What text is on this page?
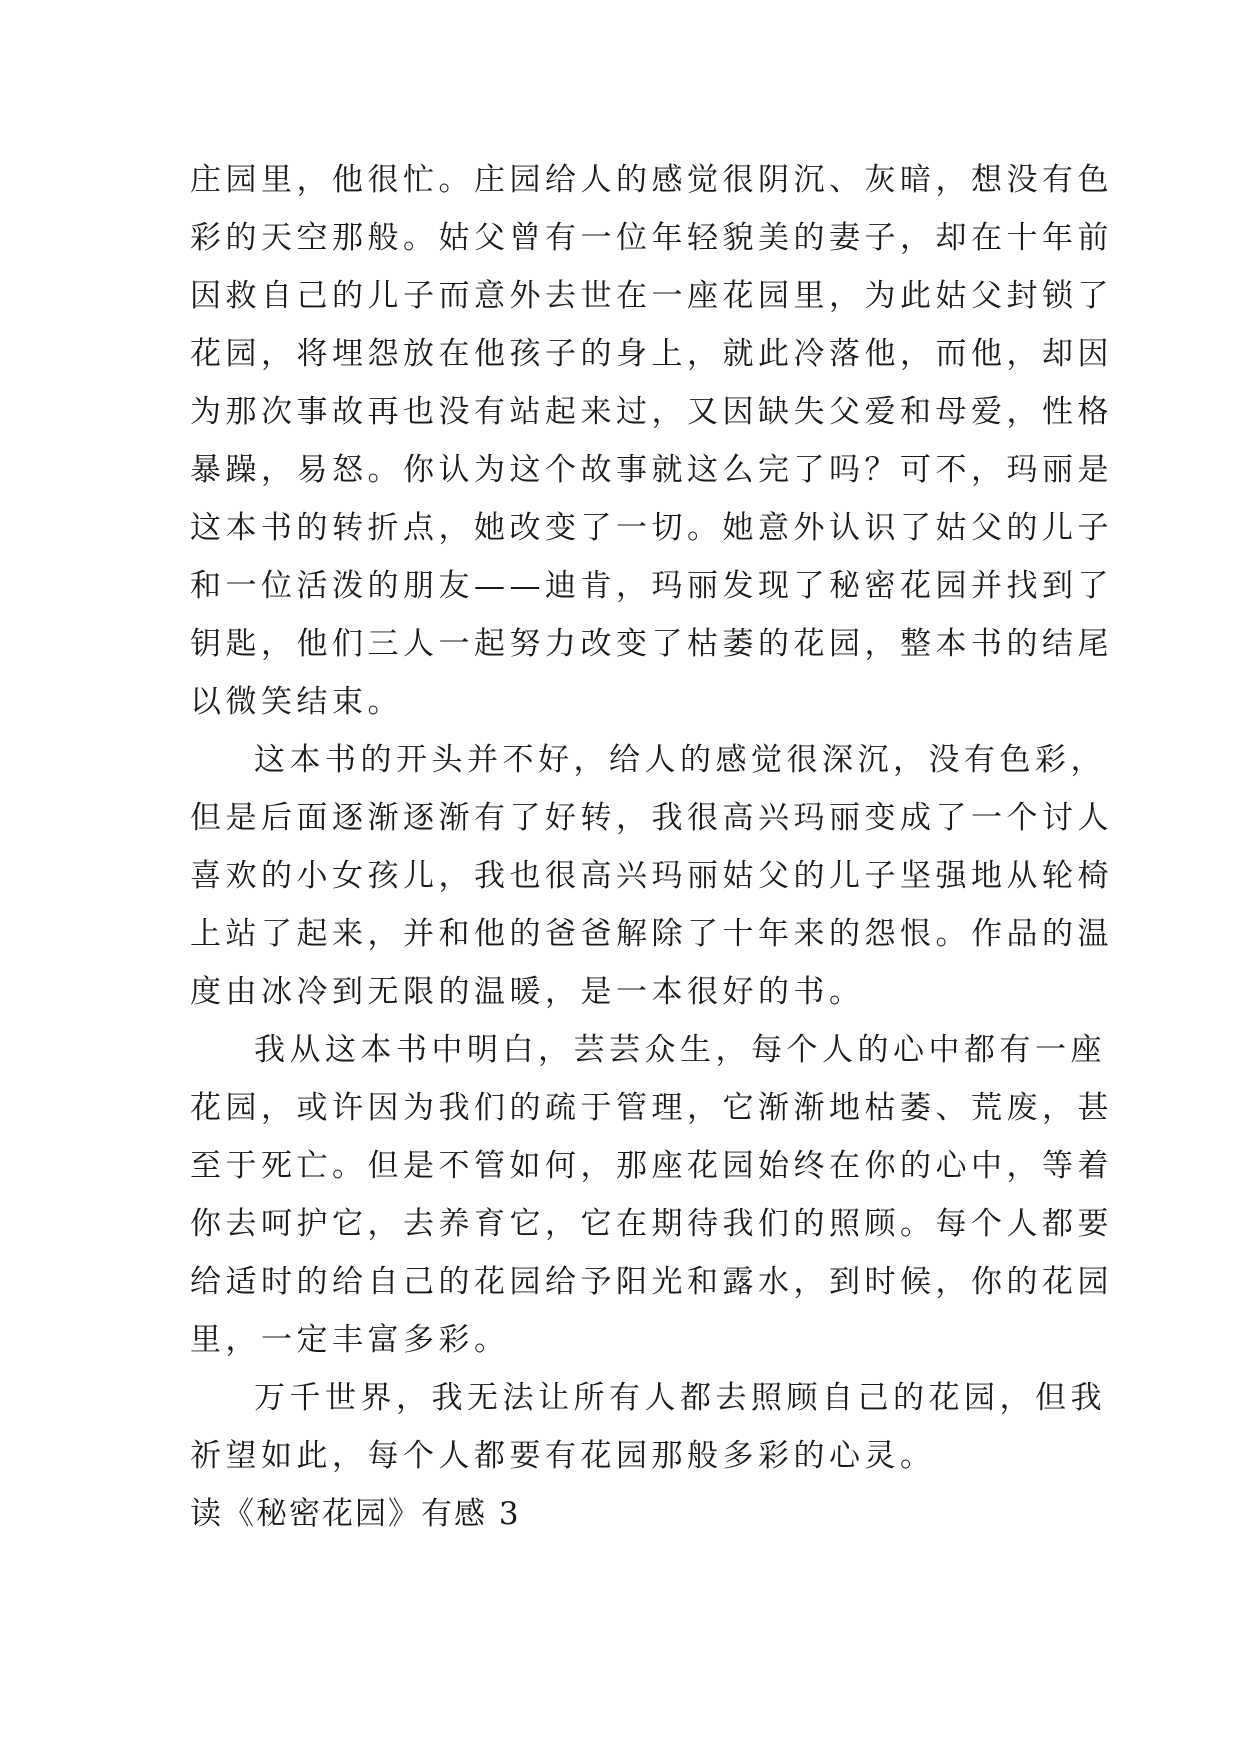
庄园里，他很忙。庄园给人的感觉很阴沉、灰暗，想没有色
彩的天空那般。姑父曾有一位年轻貌美的妻子，却在十年前
因救自己的儿子而意外去世在一座花园里，为此姑父封锁了
花园，将埋怨放在他孩子的身上，就此冷落他，而他，却因
为那次事故再也没有站起来过，又因缺失父爱和母爱，性格
暴躁，易怒。你认为这个故事就这么完了吗？可不，玛丽是
这本书的转折点，她改变了一切。她意外认识了姑父的儿子
和一位活泼的朋友——迪肯，玛丽发现了秘密花园并找到了
钥匙，他们三人一起努力改变了枯萎的花园，整本书的结尾
以微笑结束。
这本书的开头并不好，给人的感觉很深沉，没有色彩，
但是后面逐渐逐渐有了好转，我很高兴玛丽变成了一个讨人
喜欢的小女孩儿，我也很高兴玛丽姑父的儿子坚强地从轮椅
上站了起来，并和他的爸爸解除了十年来的怨恨。作品的温
度由冰冷到无限的温暖，是一本很好的书。
我从这本书中明白，芸芸众生，每个人的心中都有一座
花园，或许因为我们的疏于管理，它渐渐地枯萎、荒废，甚
至于死亡。但是不管如何，那座花园始终在你的心中，等着
你去呵护它，去养育它，它在期待我们的照顾。每个人都要
给适时的给自己的花园给予阳光和露水，到时候，你的花园
里，一定丰富多彩。
万千世界，我无法让所有人都去照顾自己的花园，但我
祈望如此，每个人都要有花园那般多彩的心灵。
读《秘密花园》有感 3
